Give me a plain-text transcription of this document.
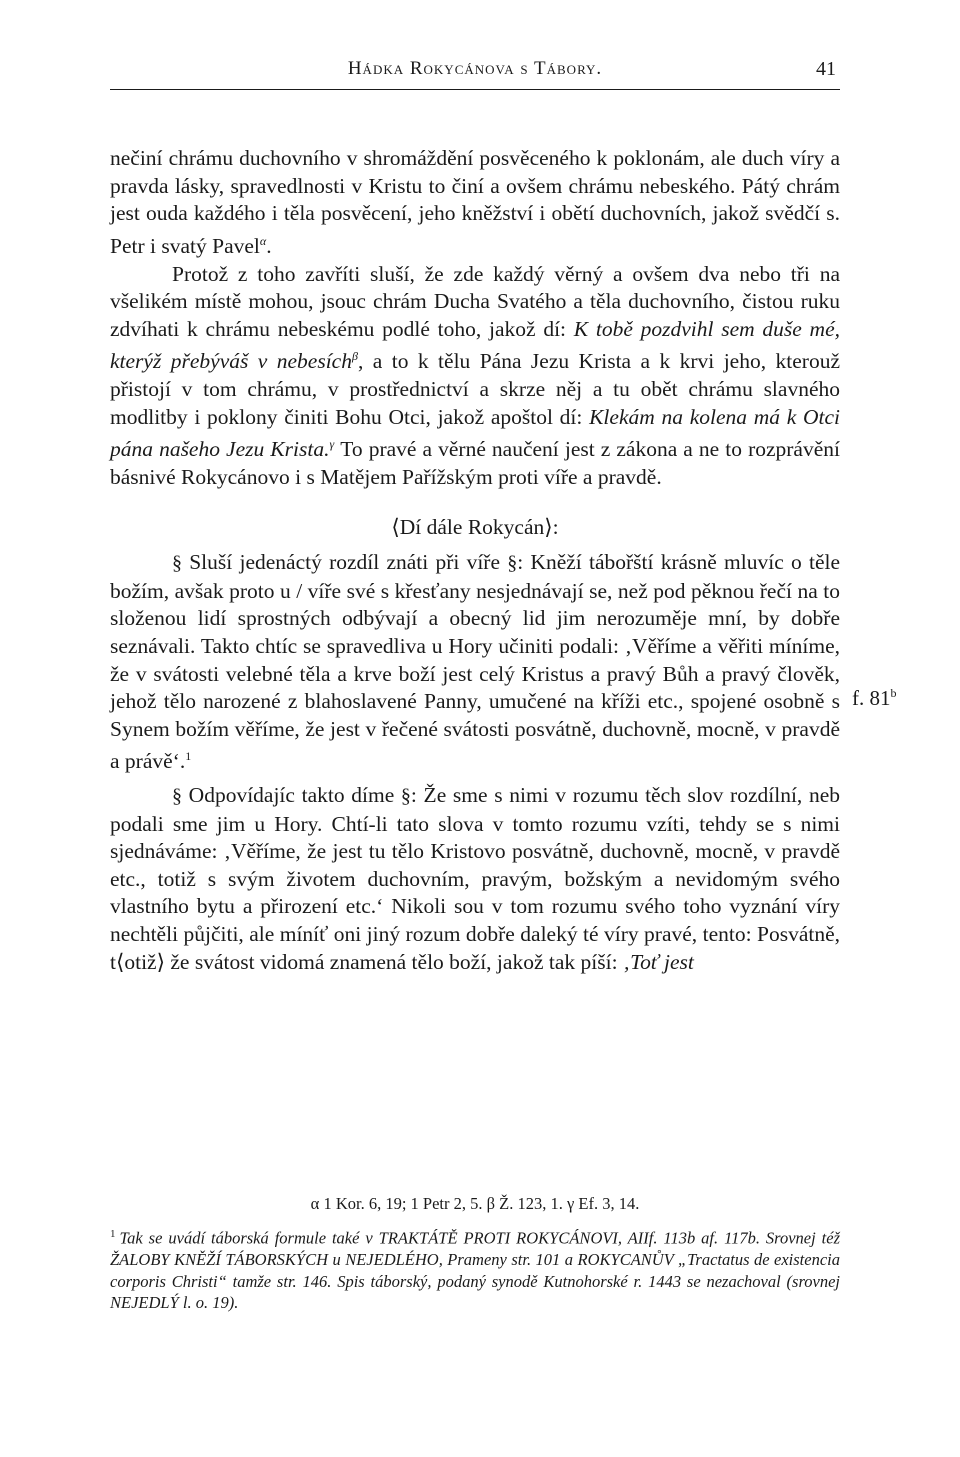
Hádka Rokycánova s Tábory.	41

nečiní chrámu duchovního v shromáždění posvěceného k poklonám, ale duch víry a pravda lásky, spravedlnosti v Kristu to činí a ovšem chrámu nebeského. Pátý chrám jest ouda každého i těla posvěcení, jeho kněžství i obětí duchovních, jakož svědčí s. Petr i svatý Pavel$^\alpha$.

Protož z toho zavříti sluší, že zde každý věrný a ovšem dva nebo tři na všelikém místě mohou, jsouc chrám Ducha Svatého a těla duchovního, čistou ruku zdvíhati k chrámu nebeskému podlé toho, jakož dí: K tobě pozdvihl sem duše mé, kterýž přebýváš v nebesích$^\beta$, a to k tělu Pána Jezu Krista a k krvi jeho, kterouž přistojí v tom chrámu, v prostřednictví a skrze něj a tu obět chrámu slavného modlitby i poklony činiti Bohu Otci, jakož apoštol dí: Klekám na kolena má k Otci pána našeho Jezu Krista.$^\gamma$ To pravé a věrné naučení jest z zákona a ne to rozprávění básnivé Rokycánovo i s Matějem Pařížským proti víře a pravdě.

⟨Dí dále Rokycán⟩:

§ Sluší jedenáctý rozdíl znáti při víře §: Kněží tábořští krásně mluvíc o těle božím, avšak proto u / víře své s křesťany nesjednávají se, než pod pěknou řečí na to složenou lidí sprostných odbývají a obecný lid jim nerozuměje mní, by dobře seznávali. Takto chtíc se spravedliva u Hory učiniti podali: ‚Věříme a věřiti míníme, že v svátosti velebné těla a krve boží jest celý Kristus a pravý Bůh a pravý člověk, jehož tělo narozené z blahoslavené Panny, umučené na kříži etc., spojené osobně s Synem božím věříme, že jest v řečené svátosti posvátně, duchovně, mocně, v pravdě a právě‘.$^1$

§ Odpovídajíc takto díme §: Že sme s nimi v rozumu těch slov rozdílní, neb podali sme jim u Hory. Chtí-li tato slova v tomto rozumu vzíti, tehdy se s nimi sjednáváme: ‚Věříme, že jest tu tělo Kristovo posvátně, duchovně, mocně, v pravdě etc., totiž s svým životem duchovním, pravým, božským a nevidomým svého vlastního bytu a přirození etc.‘ Nikoli sou v tom rozumu svého toho vyznání víry nechtěli půjčiti, ale míníť oni jiný rozum dobře daleký té víry pravé, tento: Posvátně, t⟨otiž⟩ že svátost vidomá znamená tělo boží, jakož tak píší: ‚Toť jest

f. 81$^b$
α 1 Kor. 6, 19; 1 Petr 2, 5. β Ž. 123, 1. γ Ef. 3, 14.

$^1$ Tak se uvádí táborská formule také v TRAKTÁTĚ PROTI ROKYCÁNOVI, AIIf. 113b af. 117b. Srovnej též ŽALOBY KNĚŽÍ TÁBORSKÝCH u NEJEDLÉHO, Prameny str. 101 a ROKYCANŮV „Tractatus de existencia corporis Christi“ tamže str. 146. Spis táborský, podaný synodě Kutnohorské r. 1443 se nezachoval (srovnej NEJEDLÝ l. o. 19).
